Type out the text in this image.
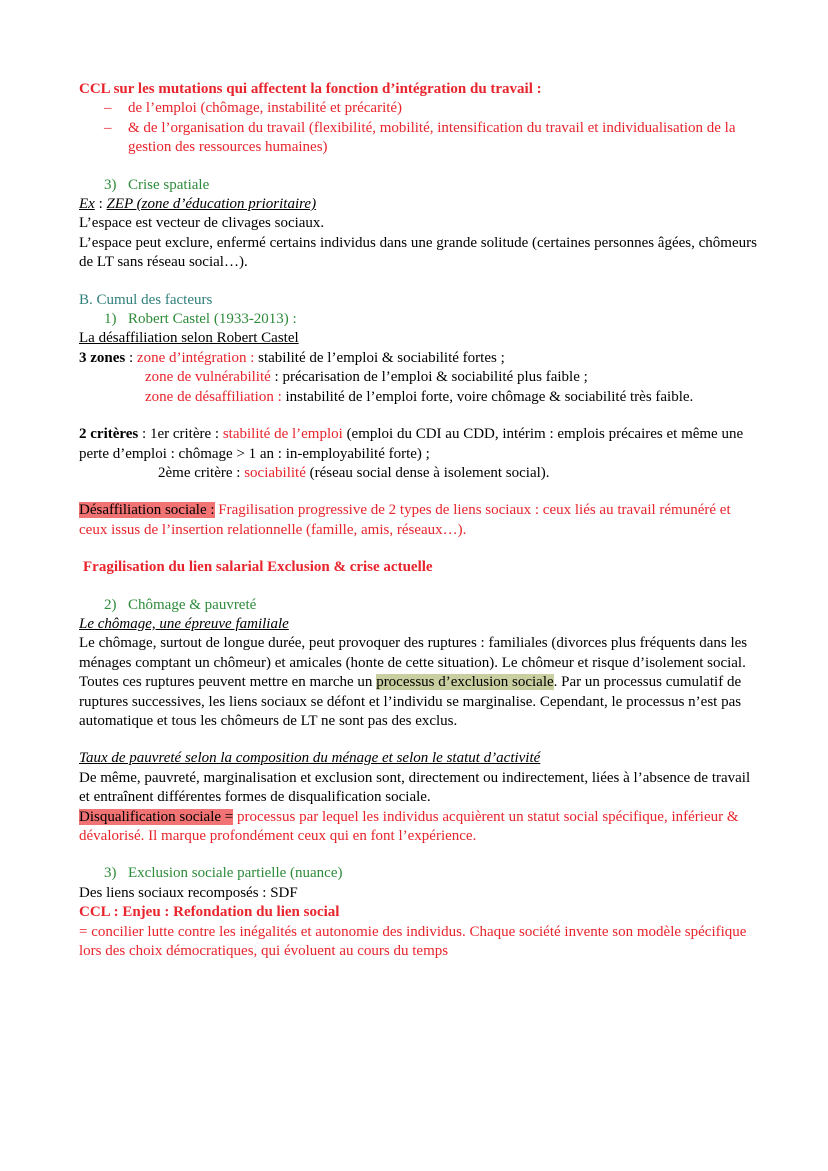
CCL sur les mutations qui affectent la fonction d’intégration du travail :

– de l’emploi (chômage, instabilité et précarité)
– & de l’organisation du travail (flexibilité, mobilité, intensification du travail et individualisation de la gestion des ressources humaines)

3) Crise spatiale

Ex : ZEP (zone d’éducation prioritaire)

L’espace est vecteur de clivages sociaux.

L’espace peut exclure, enfermé certains individus dans une grande solitude (certaines personnes âgées, chômeurs de LT sans réseau social…).

B. Cumul des facteurs

1) Robert Castel (1933-2013) :

La désaffiliation selon Robert Castel

3 zones : zone d’intégration : stabilité de l’emploi & sociabilité fortes ;

zone de vulnérabilité : précarisation de l’emploi & sociabilité plus faible ;

zone de désaffiliation : instabilité de l’emploi forte, voire chômage & sociabilité très faible.

2 critères : 1er critère : stabilité de l’emploi (emploi du CDI au CDD, intérim : emplois précaires et même une perte d’emploi : chômage > 1 an : in-employabilité forte) ;

2ème critère : sociabilité (réseau social dense à isolement social).

Désaffiliation sociale : Fragilisation progressive de 2 types de liens sociaux : ceux liés au travail rémunéré et ceux issus de l’insertion relationnelle (famille, amis, réseaux…).

Fragilisation du lien salarial Exclusion & crise actuelle

2) Chômage & pauvreté

Le chômage, une épreuve familiale

Le chômage, surtout de longue durée, peut provoquer des ruptures : familiales (divorces plus fréquents dans les ménages comptant un chômeur) et amicales (honte de cette situation). Le chômeur et risque d’isolement social. Toutes ces ruptures peuvent mettre en marche un processus d’exclusion sociale. Par un processus cumulatif de ruptures successives, les liens sociaux se défont et l’individu se marginalise. Cependant, le processus n’est pas automatique et tous les chômeurs de LT ne sont pas des exclus.

Taux de pauvreté selon la composition du ménage et selon le statut d’activité

De même, pauvreté, marginalisation et exclusion sont, directement ou indirectement, liées à l’absence de travail et entraînent différentes formes de disqualification sociale.

Disqualification sociale = processus par lequel les individus acquièrent un statut social spécifique, inférieur & dévalorisé. Il marque profondément ceux qui en font l’expérience.

3) Exclusion sociale partielle (nuance)

Des liens sociaux recomposés : SDF

CCL : Enjeu : Refondation du lien social

= concilier lutte contre les inégalités et autonomie des individus. Chaque société invente son modèle spécifique lors des choix démocratiques, qui évoluent au cours du temps
